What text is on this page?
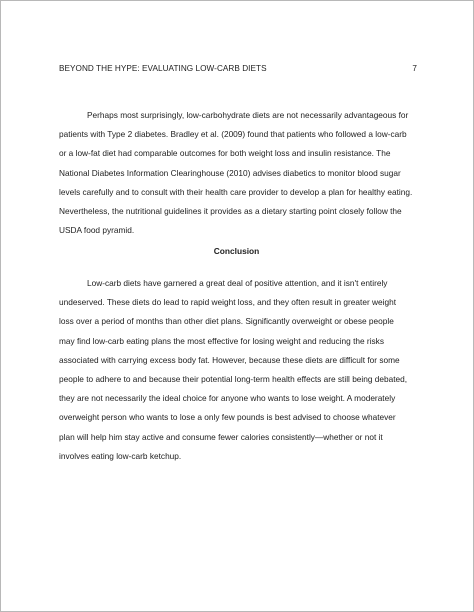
BEYOND THE HYPE: EVALUATING LOW-CARB DIETS	7
Perhaps most surprisingly, low-carbohydrate diets are not necessarily advantageous for
patients with Type 2 diabetes. Bradley et al. (2009) found that patients who followed a low-carb
or a low-fat diet had comparable outcomes for both weight loss and insulin resistance. The
National Diabetes Information Clearinghouse (2010) advises diabetics to monitor blood sugar
levels carefully and to consult with their health care provider to develop a plan for healthy eating.
Nevertheless, the nutritional guidelines it provides as a dietary starting point closely follow the
USDA food pyramid.
Conclusion
Low-carb diets have garnered a great deal of positive attention, and it isn't entirely
undeserved. These diets do lead to rapid weight loss, and they often result in greater weight
loss over a period of months than other diet plans. Significantly overweight or obese people
may find low-carb eating plans the most effective for losing weight and reducing the risks
associated with carrying excess body fat. However, because these diets are difficult for some
people to adhere to and because their potential long-term health effects are still being debated,
they are not necessarily the ideal choice for anyone who wants to lose weight. A moderately
overweight person who wants to lose a only few pounds is best advised to choose whatever
plan will help him stay active and consume fewer calories consistently—whether or not it
involves eating low-carb ketchup.
